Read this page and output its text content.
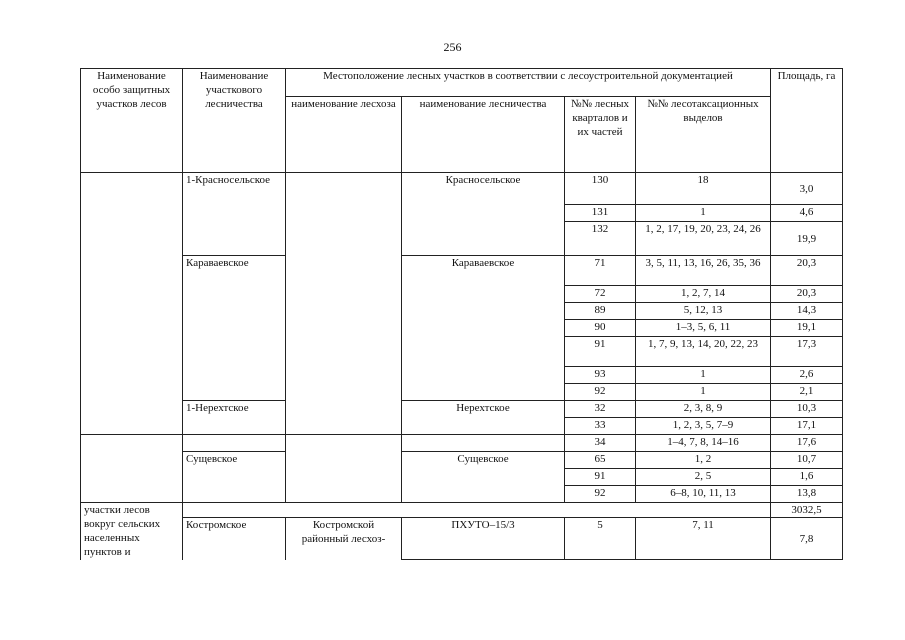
256
Наименование особо защитных участков лесов	Наименование участкового лесничества	Местоположение лесных участков в соответствии с лесоустроительной документацией				Площадь, га
		наименование лесхоза	наименование лесничества	№№ лесных кварталов и их частей	№№ лесотаксационных выделов	
	1-Красносельское		Красносельское	130	18	3,0
				131	1	4,6
				132	1, 2, 17, 19, 20, 23, 24, 26	19,9
	Караваевское		Караваевское	71	3, 5, 11, 13, 16, 26, 35, 36	20,3
				72	1, 2, 7, 14	20,3
				89	5, 12, 13	14,3
				90	1–3, 5, 6, 11	19,1
				91	1, 7, 9, 13, 14, 20, 22, 23	17,3
				93	1	2,6
				92	1	2,1
	1-Нерехтское		Нерехтское	32	2, 3, 8, 9	10,3
				33	1, 2, 3, 5, 7–9	17,1
				34	1–4, 7, 8, 14–16	17,6
	Сущевское		Сущевское	65	1, 2	10,7
				91	2, 5	1,6
				92	6–8, 10, 11, 13	13,8
участки лесов вокруг сельских населенных пунктов и						3032,5
	Костромское	Костромской районный лесхоз-	ПХУТО–15/3	5	7, 11	7,8
